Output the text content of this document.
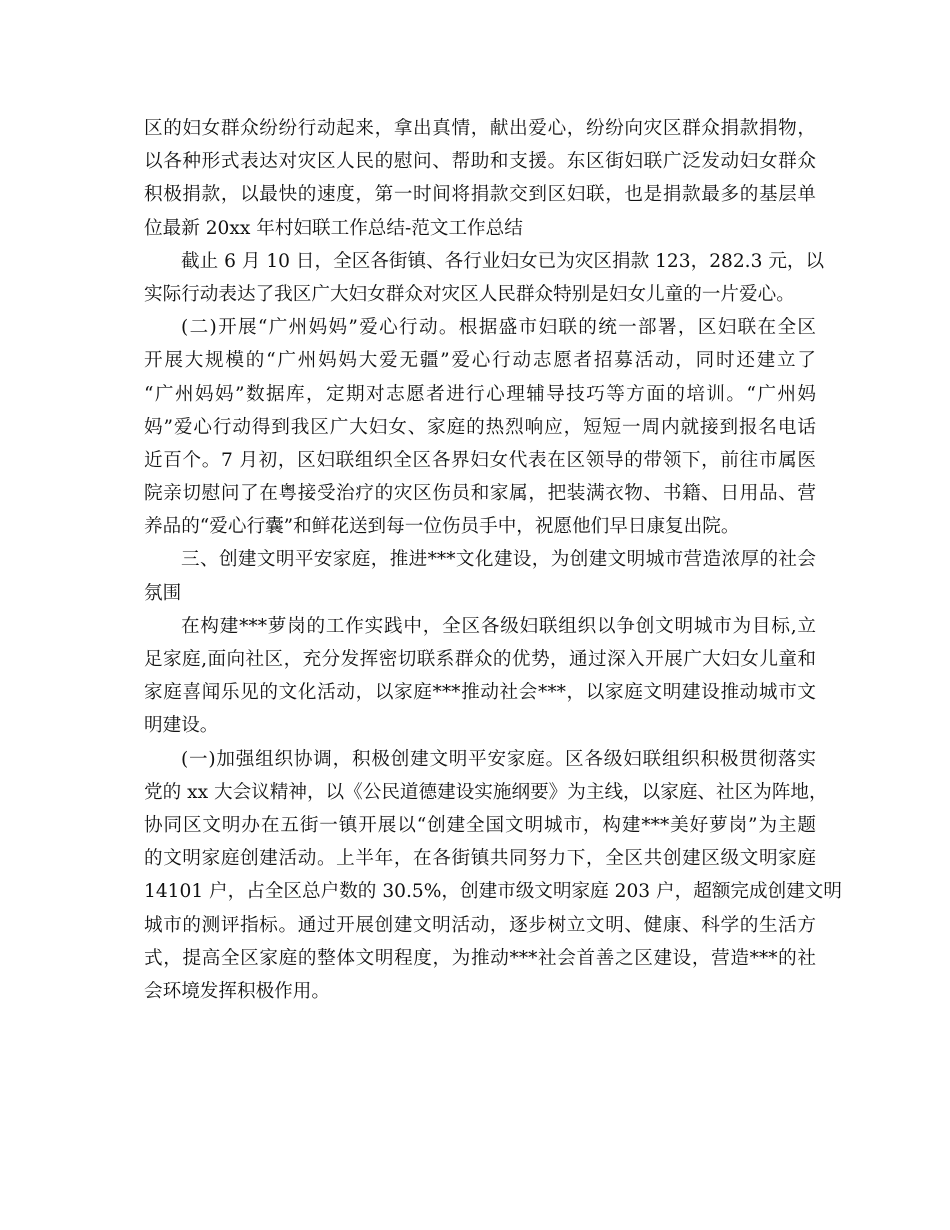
区的妇女群众纷纷行动起来，拿出真情，献出爱心，纷纷向灾区群众捐款捐物，
以各种形式表达对灾区人民的慰问、帮助和支援。东区街妇联广泛发动妇女群众
积极捐款，以最快的速度，第一时间将捐款交到区妇联，也是捐款最多的基层单
位最新 20xx 年村妇联工作总结-范文工作总结
截止 6 月 10 日，全区各街镇、各行业妇女已为灾区捐款 123，282.3 元，以
实际行动表达了我区广大妇女群众对灾区人民群众特别是妇女儿童的一片爱心。
(二)开展“广州妈妈”爱心行动。根据盛市妇联的统一部署，区妇联在全区
开展大规模的“广州妈妈大爱无疆”爱心行动志愿者招募活动，同时还建立了
“广州妈妈”数据库，定期对志愿者进行心理辅导技巧等方面的培训。“广州妈
妈”爱心行动得到我区广大妇女、家庭的热烈响应，短短一周内就接到报名电话
近百个。7 月初，区妇联组织全区各界妇女代表在区领导的带领下，前往市属医
院亲切慰问了在粤接受治疗的灾区伤员和家属，把装满衣物、书籍、日用品、营
养品的“爱心行囊”和鲜花送到每一位伤员手中，祝愿他们早日康复出院。
三、创建文明平安家庭，推进***文化建设，为创建文明城市营造浓厚的社会
氛围
在构建***萝岗的工作实践中，全区各级妇联组织以争创文明城市为目标,立
足家庭,面向社区，充分发挥密切联系群众的优势，通过深入开展广大妇女儿童和
家庭喜闻乐见的文化活动，以家庭***推动社会***，以家庭文明建设推动城市文
明建设。
(一)加强组织协调，积极创建文明平安家庭。区各级妇联组织积极贯彻落实
党的 xx 大会议精神，以《公民道德建设实施纲要》为主线，以家庭、社区为阵地，
协同区文明办在五街一镇开展以“创建全国文明城市，构建***美好萝岗”为主题
的文明家庭创建活动。上半年，在各街镇共同努力下，全区共创建区级文明家庭
14101 户，占全区总户数的 30.5%，创建市级文明家庭 203 户，超额完成创建文明
城市的测评指标。通过开展创建文明活动，逐步树立文明、健康、科学的生活方
式，提高全区家庭的整体文明程度，为推动***社会首善之区建设，营造***的社
会环境发挥积极作用。
